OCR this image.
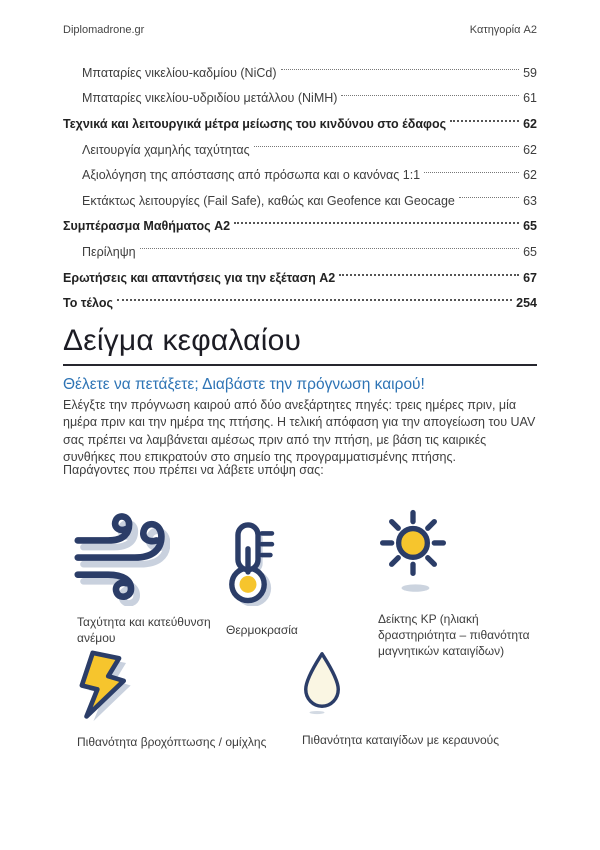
Diplomadrone.gr	Κατηγορία A2
Μπαταρίες νικελίου-καδμίου (NiCd)	59
Μπαταρίες νικελίου-υδριδίου μετάλλου (NiMH)	61
Τεχνικά και λειτουργικά μέτρα μείωσης του κινδύνου στο έδαφος	62
Λειτουργία χαμηλής ταχύτητας	62
Αξιολόγηση της απόστασης από πρόσωπα και ο κανόνας 1:1	62
Εκτάκτως λειτουργίες (Fail Safe), καθώς και Geofence και Geocage	63
Συμπέρασμα Μαθήματος A2	65
Περίληψη	65
Ερωτήσεις και απαντήσεις για την εξέταση A2	67
Το τέλος	254
Δείγμα κεφαλαίου
Θέλετε να πετάξετε; Διαβάστε την πρόγνωση καιρού!
Ελέγξτε την πρόγνωση καιρού από δύο ανεξάρτητες πηγές: τρεις ημέρες πριν, μία ημέρα πριν και την ημέρα της πτήσης. Η τελική απόφαση για την απογείωση του UAV σας πρέπει να λαμβάνεται αμέσως πριν από την πτήση, με βάση τις καιρικές συνθήκες που επικρατούν στο σημείο της προγραμματισμένης πτήσης.
Παράγοντες που πρέπει να λάβετε υπόψη σας:
Ταχύτητα και κατεύθυνση ανέμου
Θερμοκρασία
Δείκτης KP (ηλιακή δραστηριότητα – πιθανότητα μαγνητικών καταιγίδων)
Πιθανότητα βροχόπτωσης / ομίχλης	Πιθανότητα καταιγίδων με κεραυνούς
